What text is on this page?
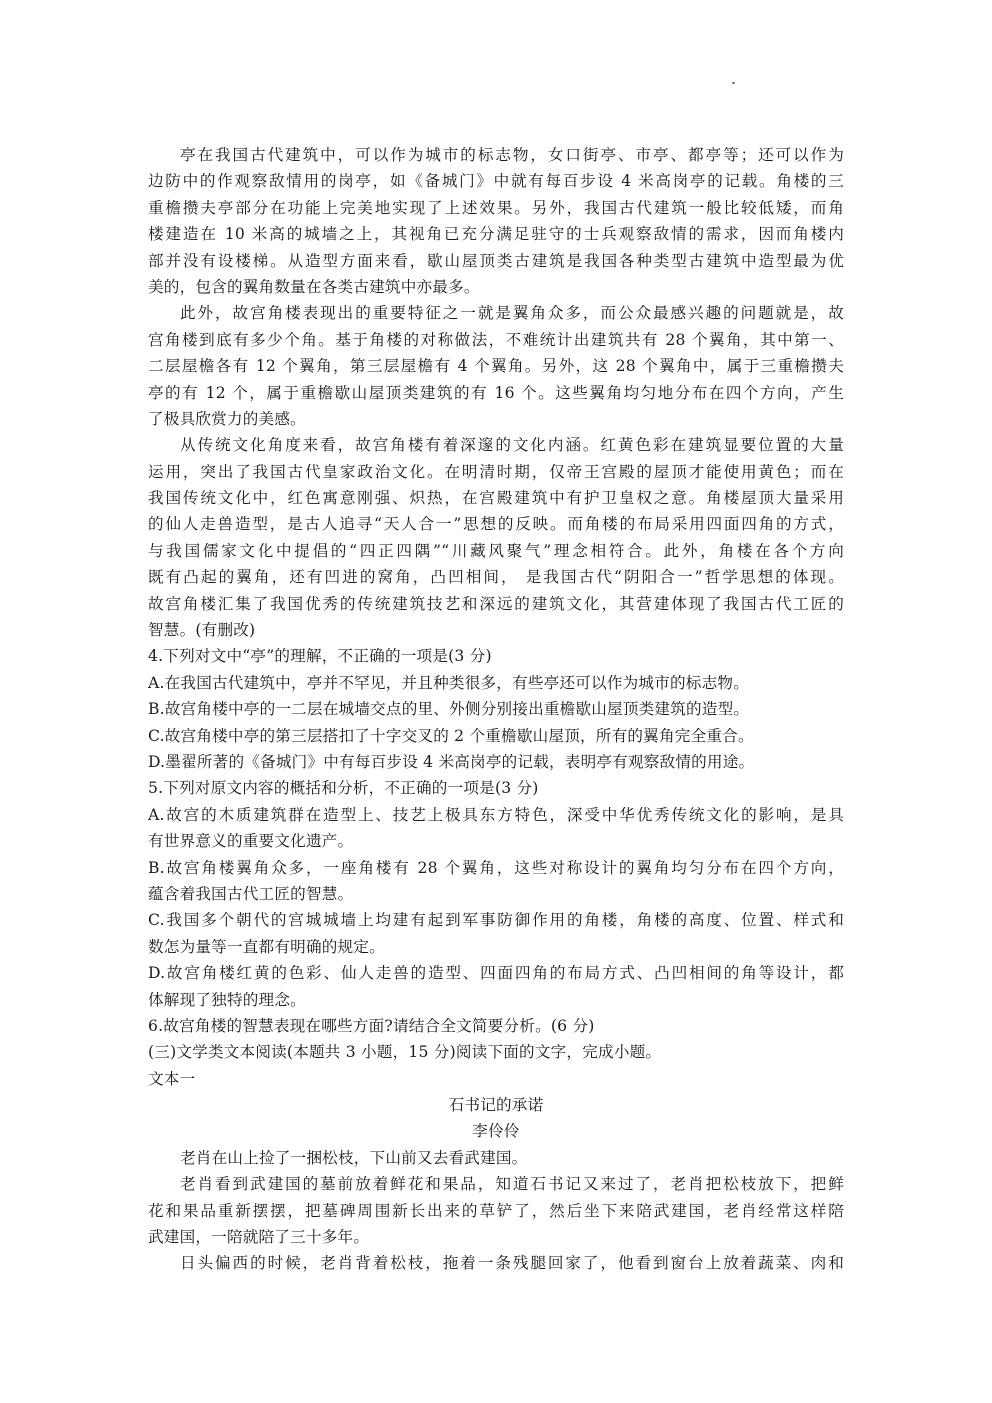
亭在我国古代建筑中，可以作为城市的标志物，女口街亭、市亭、都亭等；还可以作为
边防中的作观察敌情用的岗亭，如《备城门》中就有每百步设 4 米高岗亭的记载。角楼的三
重檐攒夫亭部分在功能上完美地实现了上述效果。另外，我国古代建筑一般比较低矮，而角
楼建造在 10 米高的城墙之上，其视角已充分满足驻守的士兵观察敌情的需求，因而角楼内
部并没有设楼梯。从造型方面来看，歇山屋顶类古建筑是我国各种类型古建筑中造型最为优
美的，包含的翼角数量在各类古建筑中亦最多。
此外，故宫角楼表现出的重要特征之一就是翼角众多，而公众最感兴趣的问题就是，故
宫角楼到底有多少个角。基于角楼的对称做法，不难统计出建筑共有 28 个翼角，其中第一、
二层屋檐各有 12 个翼角，第三层屋檐有 4 个翼角。另外，这 28 个翼角中，属于三重檐攒夫
亭的有 12 个，属于重檐歇山屋顶类建筑的有 16 个。这些翼角均匀地分布在四个方向，产生
了极具欣赏力的美感。
从传统文化角度来看，故宫角楼有着深邃的文化内涵。红黄色彩在建筑显要位置的大量
运用，突出了我国古代皇家政治文化。在明清时期，仅帝王宫殿的屋顶才能使用黄色；而在
我国传统文化中，红色寓意刚强、炽热，在宫殿建筑中有护卫皇权之意。角楼屋顶大量采用
的仙人走兽造型，是古人追寻“天人合一”思想的反映。而角楼的布局采用四面四角的方式，
与我国儒家文化中提倡的“四正四隅”“川藏风聚气”理念相符合。此外，角楼在各个方向
既有凸起的翼角，还有凹进的窝角，凸凹相间， 是我国古代“阴阳合一”哲学思想的体现。
故宫角楼汇集了我国优秀的传统建筑技艺和深远的建筑文化，其营建体现了我国古代工匠的
智慧。(有删改)
4.下列对文中“亭”的理解，不正确的一项是(3 分)
A.在我国古代建筑中，亭并不罕见，并且种类很多，有些亭还可以作为城市的标志物。
B.故宫角楼中亭的一二层在城墙交点的里、外侧分别接出重檐歇山屋顶类建筑的造型。
C.故宫角楼中亭的第三层搭扣了十字交叉的 2 个重檐歇山屋顶，所有的翼角完全重合。
D.墨翟所著的《备城门》中有每百步设 4 米高岗亭的记载，表明亭有观察敌情的用途。
5.下列对原文内容的概括和分析，不正确的一项是(3 分)
A.故宫的木质建筑群在造型上、技艺上极具东方特色，深受中华优秀传统文化的影响，是具
有世界意义的重要文化遗产。
B.故宫角楼翼角众多，一座角楼有 28 个翼角，这些对称设计的翼角均匀分布在四个方向，
蕴含着我国古代工匠的智慧。
C.我国多个朝代的宫城城墙上均建有起到军事防御作用的角楼，角楼的高度、位置、样式和
数怎为量等一直都有明确的规定。
D.故宫角楼红黄的色彩、仙人走兽的造型、四面四角的布局方式、凸凹相间的角等设计，都
体解现了独特的理念。
6.故宫角楼的智慧表现在哪些方面?请结合全文简要分析。(6 分)
(三)文学类文本阅读(本题共 3 小题，15 分)阅读下面的文字，完成小题。
文本一
石书记的承诺
李伶伶
老肖在山上捡了一捆松枝，下山前又去看武建国。
老肖看到武建国的墓前放着鲜花和果品，知道石书记又来过了，老肖把松枝放下，把鲜
花和果品重新摆摆，把墓碑周围新长出来的草铲了，然后坐下来陪武建国，老肖经常这样陪
武建国，一陪就陪了三十多年。
日头偏西的时候，老肖背着松枝，拖着一条残腿回家了，他看到窗台上放着蔬菜、肉和
